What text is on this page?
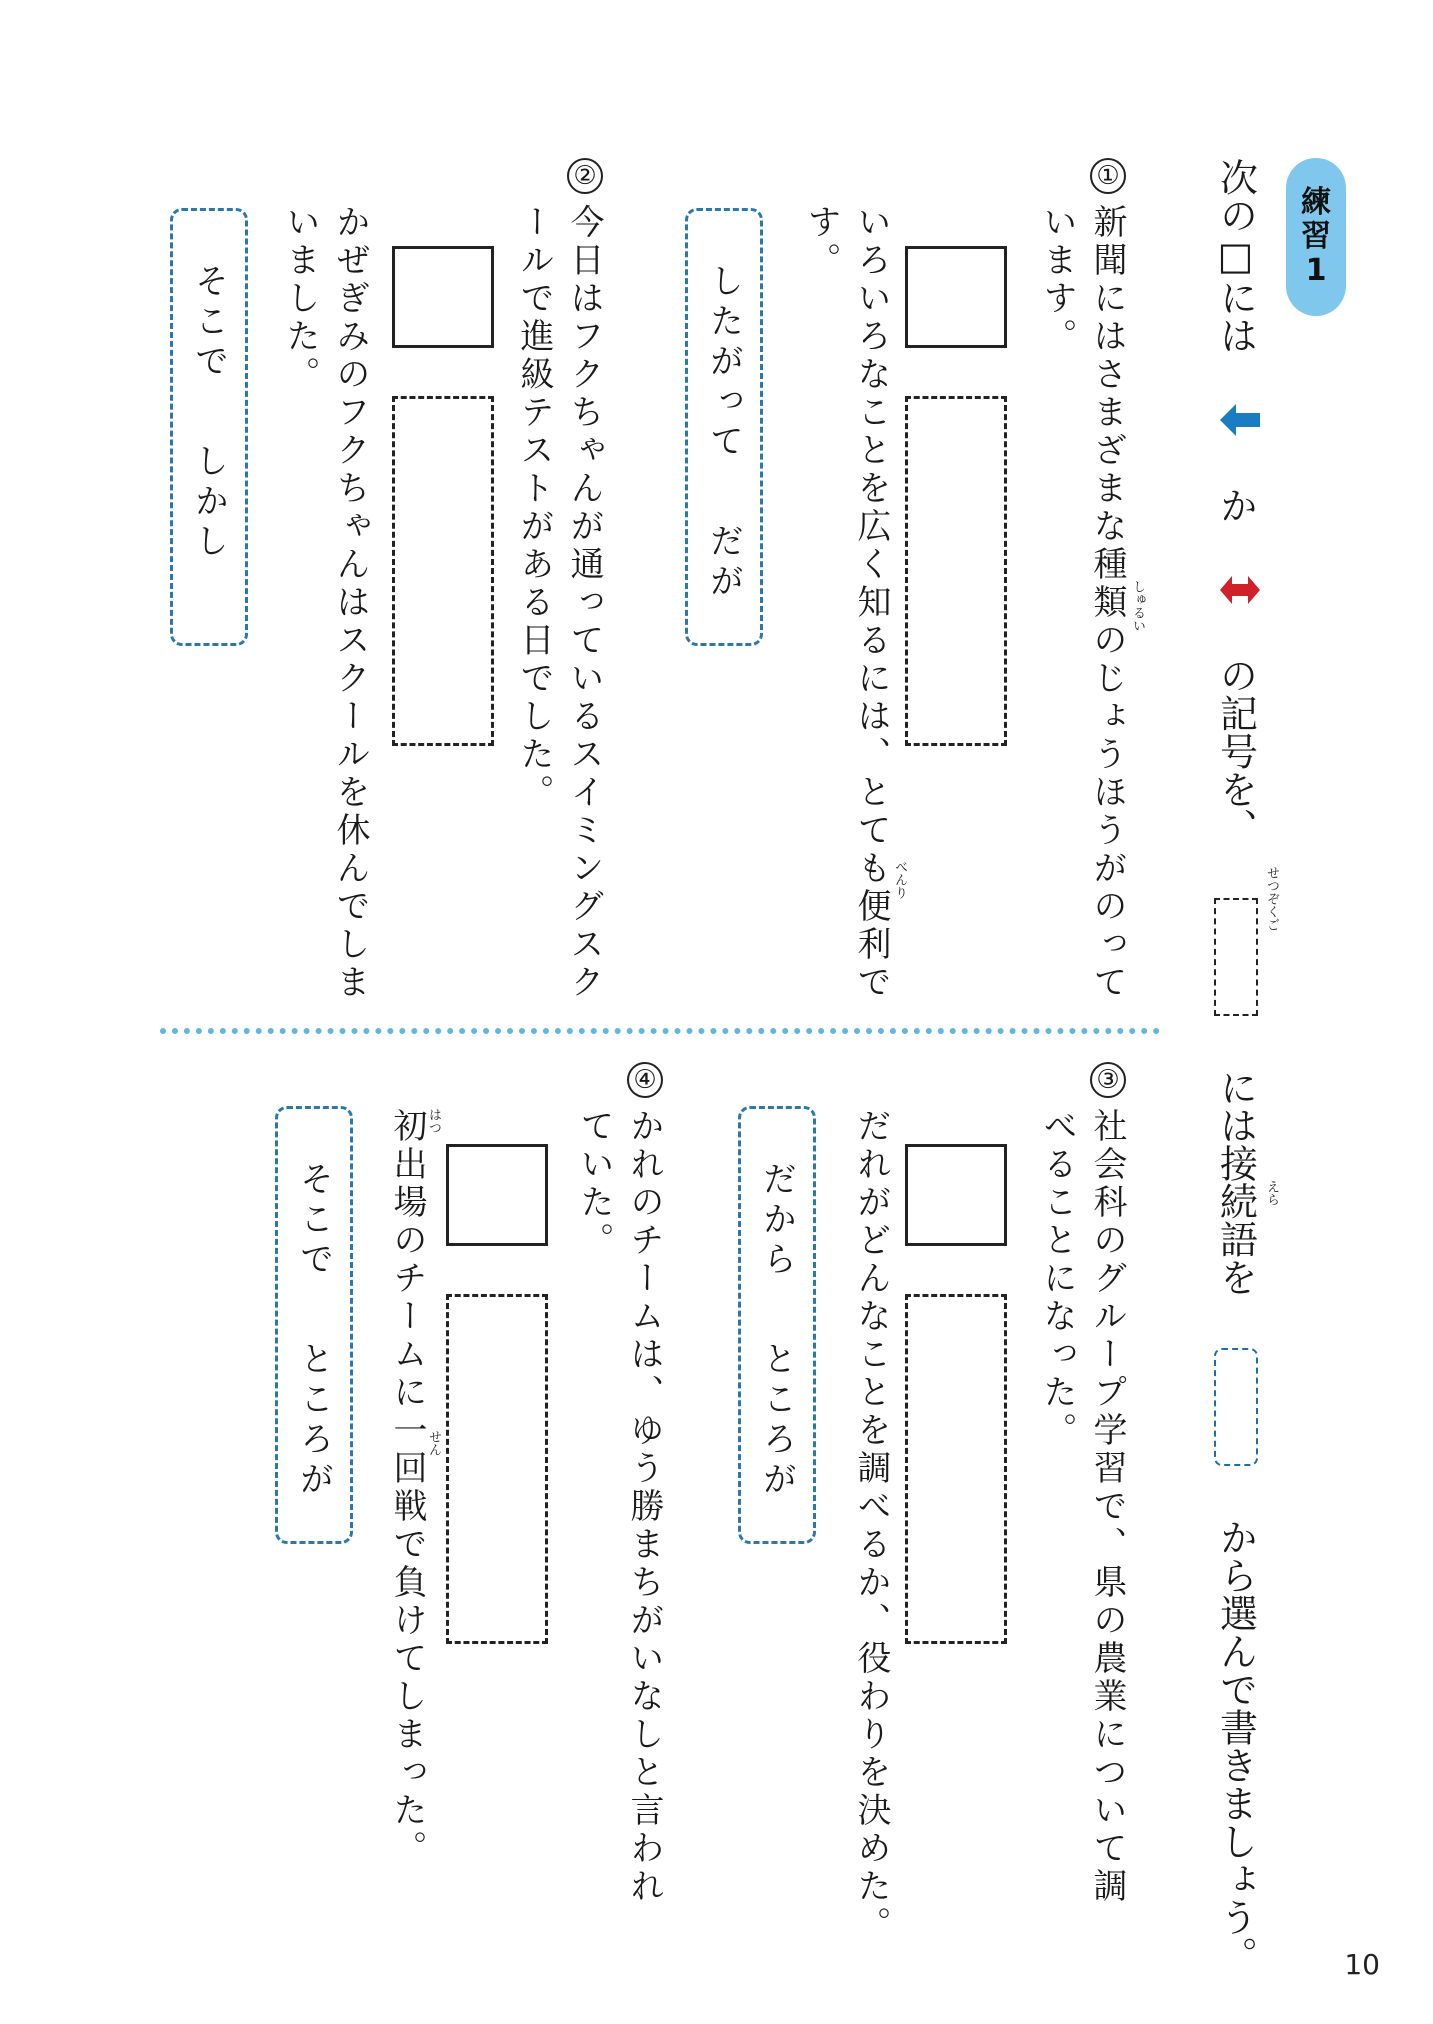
練
習
1
次の□には  か  の記号を、  には接続語を  から選んで書きましょう。
せつぞくご
えら
①
新聞にはさまざまな種類のじょうほうがのって しゅるい
います。
いろいろなことを広く知るには、とても便利で べんり
す。
したがってだが
②
今日はフクちゃんが通っているスイミングスク
ールで進級テストがある日でした。
かぜぎみのフクちゃんはスクールを休んでしま
いました。
そこでしかし
③
社会科のグループ学習で、県の農業について調
べることになった。
だれがどんなことを調べるか、役わりを決めた。
だからところが
④
かれのチームは、ゆう勝まちがいなしと言われ
ていた。
初出場のチームに一回戦で負けてしまった。 はつ
せん
そこでところが
10
